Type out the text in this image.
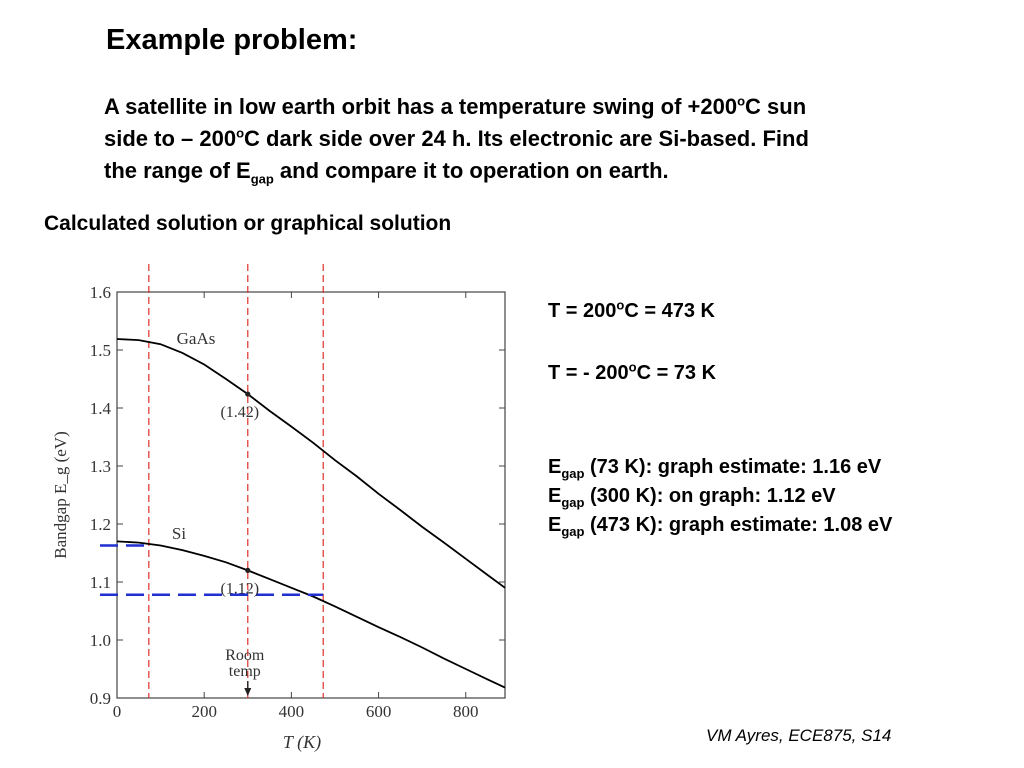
Example problem:
A satellite in low earth orbit has a temperature swing of $+200^oC$ sun
side to – 200$^o$C dark side over 24 h. Its electronic are Si-based. Find
the range of $E_{gap}$ and compare it to operation on earth.
Calculated solution or graphical solution
0	200	400	600	800
0.9
1.0
1.1
1.2
1.3
1.4
1.5
1.6
T (K)
Bandgap E_g (eV)
GaAs
Si
(1.42)
(1.12)
Room
temp
$T = 200^oC = 473$ K
T = - $200^oC = 73$ K
$E_{gap}$ (73 K): graph estimate: 1.16 eV
$E_{gap}$ (300 K): on graph: 1.12 eV
$E_{gap}$ (473 K): graph estimate: 1.08 eV
VM Ayres, ECE875, S14
